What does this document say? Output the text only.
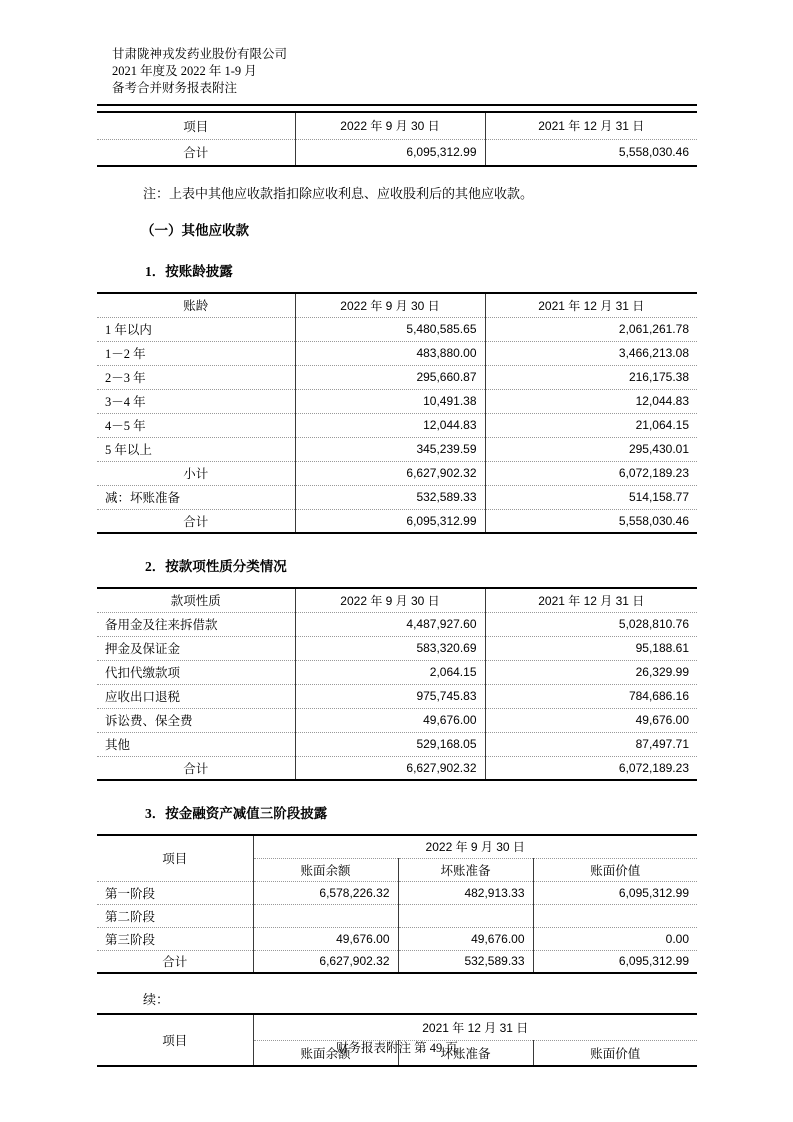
甘肃陇神戎发药业股份有限公司
2021 年度及 2022 年 1-9 月
备考合并财务报表附注
项目	2022 年 9 月 30 日	2021 年 12 月 31 日
合计	6,095,312.99	5,558,030.46
注：上表中其他应收款指扣除应收利息、应收股利后的其他应收款。
（一）其他应收款
1．按账龄披露
账龄	2022 年 9 月 30 日	2021 年 12 月 31 日
1 年以内	5,480,585.65	2,061,261.78
1－2 年	483,880.00	3,466,213.08
2－3 年	295,660.87	216,175.38
3－4 年	10,491.38	12,044.83
4－5 年	12,044.83	21,064.15
5 年以上	345,239.59	295,430.01
小计	6,627,902.32	6,072,189.23
减：坏账准备	532,589.33	514,158.77
合计	6,095,312.99	5,558,030.46
2．按款项性质分类情况
款项性质	2022 年 9 月 30 日	2021 年 12 月 31 日
备用金及往来拆借款	4,487,927.60	5,028,810.76
押金及保证金	583,320.69	95,188.61
代扣代缴款项	2,064.15	26,329.99
应收出口退税	975,745.83	784,686.16
诉讼费、保全费	49,676.00	49,676.00
其他	529,168.05	87,497.71
合计	6,627,902.32	6,072,189.23
3．按金融资产减值三阶段披露
项目	2022 年 9 月 30 日		
	账面余额	坏账准备	账面价值
第一阶段	6,578,226.32	482,913.33	6,095,312.99
第二阶段			
第三阶段	49,676.00	49,676.00	0.00
合计	6,627,902.32	532,589.33	6,095,312.99
续：
项目	2021 年 12 月 31 日		
	账面余额	坏账准备	账面价值
财务报表附注 第 49 页
